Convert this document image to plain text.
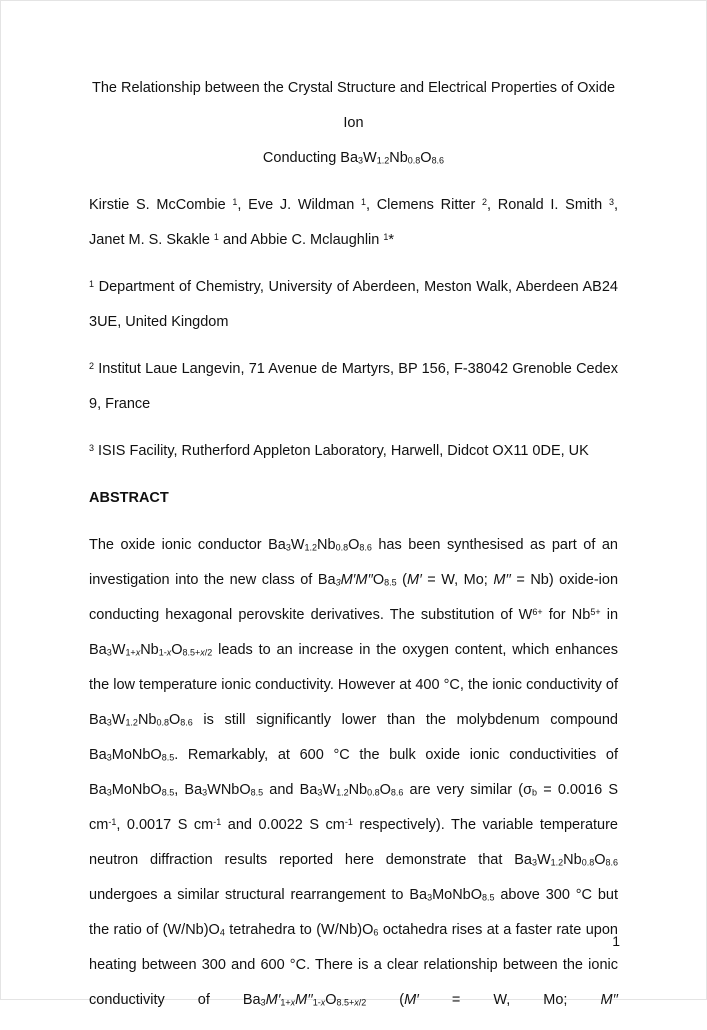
The Relationship between the Crystal Structure and Electrical Properties of Oxide Ion
Conducting $Ba_3W_{1.2}Nb_{0.8}O_{8.6}$

Kirstie S. McCombie $^1$, Eve J. Wildman $^1$, Clemens Ritter $^2$, Ronald I. Smith $^3$, Janet M. S. Skakle $^1$ and Abbie C. Mclaughlin $^1$*

$^1$ Department of Chemistry, University of Aberdeen, Meston Walk, Aberdeen AB24 3UE, United Kingdom

$^2$ Institut Laue Langevin, 71 Avenue de Martyrs, BP 156, F-38042 Grenoble Cedex 9, France

$^3$ ISIS Facility, Rutherford Appleton Laboratory, Harwell, Didcot OX11 0DE, UK

ABSTRACT

The oxide ionic conductor $Ba_3W_{1.2}Nb_{0.8}O_{8.6}$ has been synthesised as part of an investigation into the new class of $Ba_3M'M''O_{8.5}$ (M′ = W, Mo; M′′ = Nb) oxide-ion conducting hexagonal perovskite derivatives. The substitution of $W^{6+}$ for $Nb^{5+}$ in $Ba_3W_{1+x}Nb_{1-x}O_{8.5+x/2}$ leads to an increase in the oxygen content, which enhances the low temperature ionic conductivity. However at 400 °C, the ionic conductivity of $Ba_3W_{1.2}Nb_{0.8}O_{8.6}$ is still significantly lower than the molybdenum compound $Ba_3MoNbO_{8.5}$. Remarkably, at 600 °C the bulk oxide ionic conductivities of $Ba_3MoNbO_{8.5}$, $Ba_3WNbO_{8.5}$ and $Ba_3W_{1.2}Nb_{0.8}O_{8.6}$ are very similar ($\sigma_b = 0.0016$ S $cm^{-1}$, 0.0017 S $cm^{-1}$ and 0.0022 S $cm^{-1}$ respectively). The variable temperature neutron diffraction results reported here demonstrate that $Ba_3W_{1.2}Nb_{0.8}O_{8.6}$ undergoes a similar structural rearrangement to $Ba_3MoNbO_{8.5}$ above 300 °C but the ratio of $(W/Nb)O_4$ tetrahedra to $(W/Nb)O_6$ octahedra rises at a faster rate upon heating between 300 and 600 °C. There is a clear relationship between the ionic conductivity of $Ba_3M'_{1+x}M''_{1-x}O_{8.5+x/2}$ (M′ = W, Mo; M′′

1
